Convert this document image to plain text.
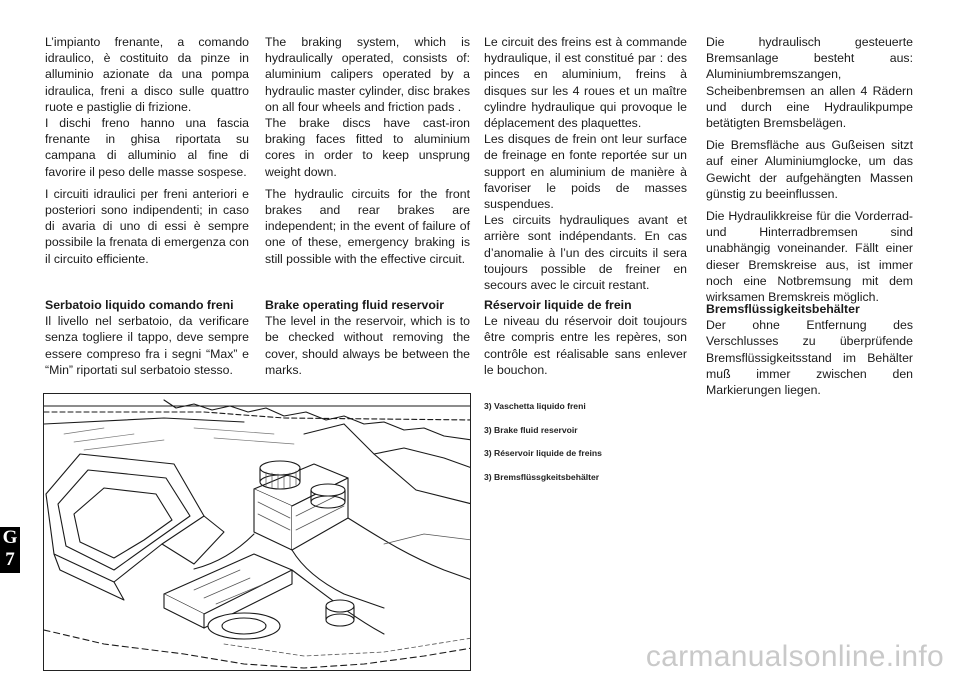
G
7

L’impianto frenante, a comando idraulico, è costituito da pinze in alluminio azionate da una pompa idraulica, freni a disco sulle quattro ruote e pastiglie di frizione.

I dischi freno hanno una fascia frenante in ghisa riportata su campana di alluminio al fine di favorire il peso delle masse sospese.

I circuiti idraulici per freni anteriori e posteriori sono indipendenti; in caso di avaria di uno di essi è sempre possibile la frenata di emergenza con il circuito efficiente.

Serbatoio liquido comando freni

Il livello nel serbatoio, da verificare senza togliere il tappo, deve sempre essere compreso fra i segni “Max” e “Min” riportati sul serbatoio stesso.

The braking system, which is hydraulically operated, consists of: aluminium calipers operated by a hydraulic master cylinder, disc brakes on all four wheels and friction pads .

The brake discs have cast-iron braking faces fitted to aluminium cores in order to keep unsprung weight down.

The hydraulic circuits for the front brakes and rear brakes are independent; in the event of failure of one of these, emergency braking is still possible with the effective circuit.

Brake operating fluid reservoir

The level in the reservoir, which is to be checked without removing the cover, should always be between the marks.

Le circuit des freins est à commande hydraulique, il est constitué par : des pinces en aluminium, freins à disques sur les 4 roues et un maître cylindre hydraulique qui provoque le déplacement des plaquettes.

Les disques de frein ont leur surface de freinage en fonte reportée sur un support en aluminium de manière à favoriser le poids de masses suspendues.

Les circuits hydrauliques avant et arrière sont indépendants. En cas d’anomalie à l’un des circuits il sera toujours possible de freiner en secours avec le circuit restant.

Réservoir liquide de frein

Le niveau du réservoir doit toujours être compris entre les repères, son contrôle est réalisable sans enlever le bouchon.

Die hydraulisch gesteuerte Bremsanlage besteht aus: Aluminiumbremszangen, Scheibenbremsen an allen 4 Rädern und durch eine Hydraulikpumpe betätigten Bremsbelägen.

Die Bremsfläche aus Gußeisen sitzt auf einer Aluminiumglocke, um das Gewicht der aufgehängten Massen günstig zu beeinflussen.

Die Hydraulikkreise für die Vorderrad- und Hinterradbremsen sind unabhängig voneinander. Fällt einer dieser Bremskreise aus, ist immer noch eine Notbremsung mit dem wirksamen Bremskreis möglich.

Bremsflüssigkeitsbehälter

Der ohne Entfernung des Verschlusses zu überprüfende Bremsflüssigkeitsstand im Behälter muß immer zwischen den Markierungen liegen.

3) Vaschetta liquido freni
3) Brake fluid reservoir
3) Réservoir liquide de freins
3) Bremsflüssgkeitsbehälter
carmanualsonline.info
